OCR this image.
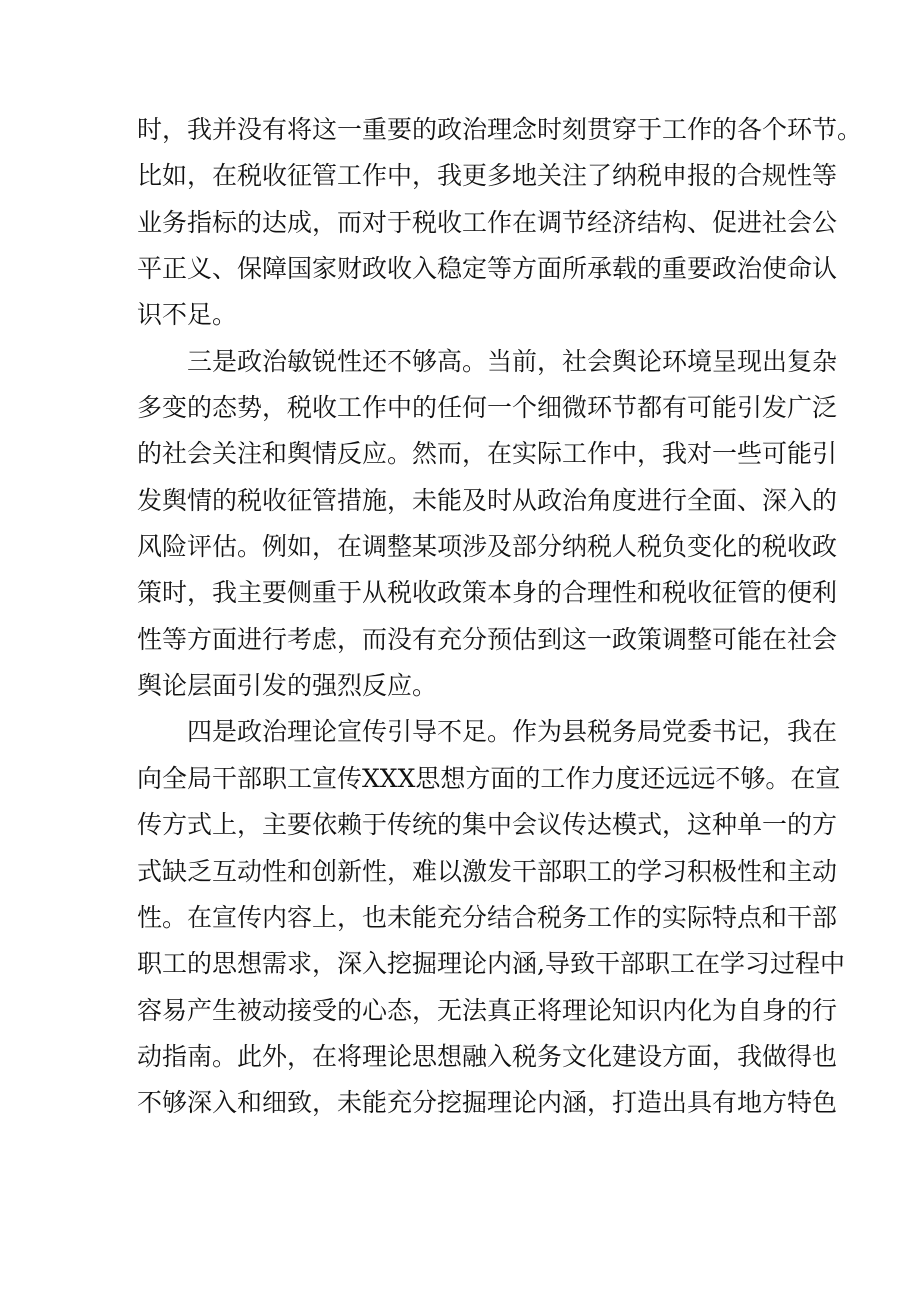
时，我并没有将这一重要的政治理念时刻贯穿于工作的各个环节。
比如，在税收征管工作中，我更多地关注了纳税申报的合规性等
业务指标的达成，而对于税收工作在调节经济结构、促进社会公
平正义、保障国家财政收入稳定等方面所承载的重要政治使命认
识不足。
三是政治敏锐性还不够高。当前，社会舆论环境呈现出复杂
多变的态势，税收工作中的任何一个细微环节都有可能引发广泛
的社会关注和舆情反应。然而，在实际工作中，我对一些可能引
发舆情的税收征管措施，未能及时从政治角度进行全面、深入的
风险评估。例如，在调整某项涉及部分纳税人税负变化的税收政
策时，我主要侧重于从税收政策本身的合理性和税收征管的便利
性等方面进行考虑，而没有充分预估到这一政策调整可能在社会
舆论层面引发的强烈反应。
四是政治理论宣传引导不足。作为县税务局党委书记，我在
向全局干部职工宣传XXX思想方面的工作力度还远远不够。在宣
传方式上，主要依赖于传统的集中会议传达模式，这种单一的方
式缺乏互动性和创新性，难以激发干部职工的学习积极性和主动
性。在宣传内容上，也未能充分结合税务工作的实际特点和干部
职工的思想需求，深入挖掘理论内涵,导致干部职工在学习过程中
容易产生被动接受的心态，无法真正将理论知识内化为自身的行
动指南。此外，在将理论思想融入税务文化建设方面，我做得也
不够深入和细致，未能充分挖掘理论内涵，打造出具有地方特色
